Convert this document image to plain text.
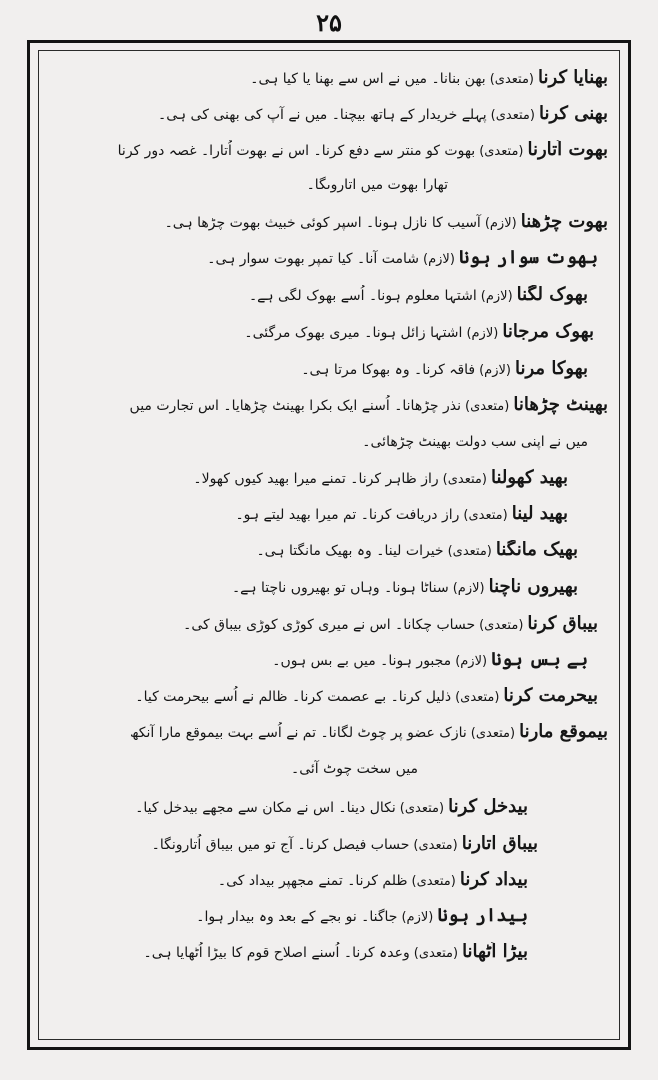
۲۵
بھنایا کرنا(متعدی)بھن بنانا۔ میں نے اس سے بھنا یا کیا ہی۔
بھنی کرنا(متعدی)پہلے خریدار کے ہاتھ بیچنا۔ میں نے آپ کی بھنی کی ہی۔
بھوت اُتارنا(متعدی)بھوت کو منتر سے دفع کرنا۔ اس نے بھوت اُتارا۔ غصہ دور کرنا
تھارا بھوت میں اتاروںگا۔
بھوت چڑھنا(لازم)آسیب کا نازل ہونا۔ اسپر کوئی خبیث بھوت چڑھا ہی۔
بھوت سوار ہونا(لازم)شامت آنا۔ کیا تمپر بھوت سوار ہی۔
بھوک لگنا(لازم)اشتہا معلوم ہونا۔ اُسے بھوک لگی ہے۔
بھوک مرجانا(لازم)اشتہا زائل ہونا۔ میری بھوک مرگئی۔
بھوکا مرنا(لازم)فاقہ کرنا۔ وہ بھوکا مرتا ہی۔
بھینٹ چڑھانا(متعدی)نذر چڑھانا۔ اُسنے ایک بکرا بھینٹ چڑھایا۔ اس تجارت میں
میں نے اپنی سب دولت بھینٹ چڑھائی۔
بھید کھولنا(متعدی)راز ظاہر کرنا۔ تمنے میرا بھید کیوں کھولا۔
بھید لینا(متعدی)راز دریافت کرنا۔ تم میرا بھید لیتے ہو۔
بھیک مانگنا(متعدی)خیرات لینا۔ وہ بھیک مانگتا ہی۔
بھیروں ناچنا(لازم)سناٹا ہونا۔ وہاں تو بھیروں ناچتا ہے۔
بیباق کرنا(متعدی)حساب چکانا۔ اس نے میری کوڑی کوڑی بیباق کی۔
بے بس ہونا(لازم)مجبور ہونا۔ میں بے بس ہوں۔
بیحرمت کرنا(متعدی)ذلیل کرنا۔ بے عصمت کرنا۔ ظالم نے اُسے بیحرمت کیا۔
بیموقع مارنا(متعدی)نازک عضو پر چوٹ لگانا۔ تم نے اُسے بہت بیموقع مارا آنکھ
میں سخت چوٹ آئی۔
بیدخل کرنا(متعدی)نکال دینا۔ اس نے مکان سے مجھے بیدخل کیا۔
بیباق اتارنا(متعدی)حساب فیصل کرنا۔ آج تو میں بیباق اُتارونگا۔
بیداد کرنا(متعدی)ظلم کرنا۔ تمنے مجھپر بیداد کی۔
بیدار ہونا(لازم)جاگنا۔ نو بجے کے بعد وہ بیدار ہوا۔
بیڑا اُٹھانا(متعدی)وعدہ کرنا۔ اُسنے اصلاح قوم کا بیڑا اُٹھایا ہی۔
